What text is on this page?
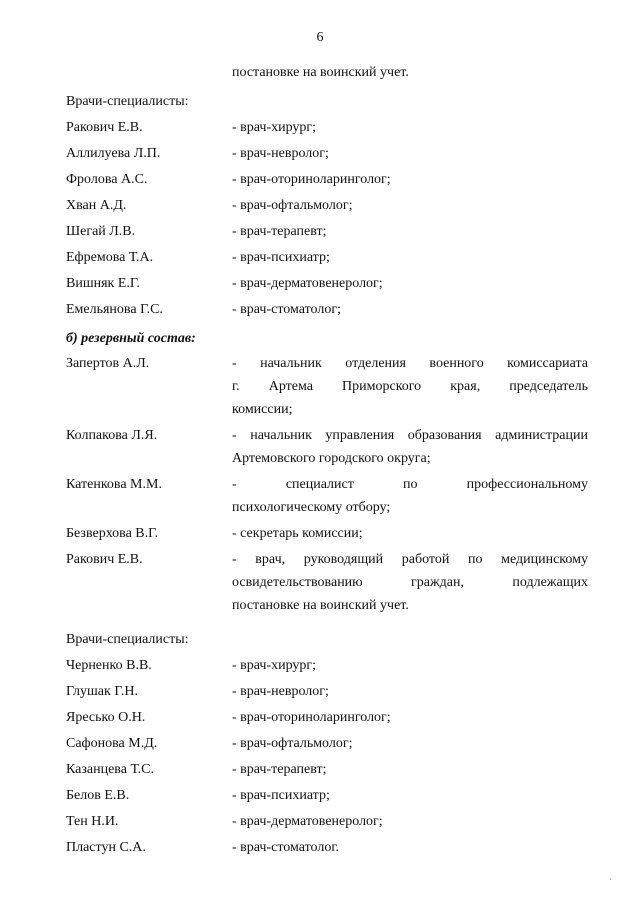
6
постановке на воинский учет.
Врачи-специалисты:
Ракович Е.В.	- врач-хирург;
Аллилуева Л.П.	- врач-невролог;
Фролова А.С.	- врач-оториноларинголог;
Хван А.Д.	- врач-офтальмолог;
Шегай Л.В.	- врач-терапевт;
Ефремова Т.А.	- врач-психиатр;
Вишняк Е.Г.	- врач-дерматовенеролог;
Емельянова Г.С.	- врач-стоматолог;
б) резервный состав:
Запертов А.Л.	- начальник отделения военного комиссариата
г. Артема Приморского края, председатель
комиссии;
Колпакова Л.Я.	- начальник управления образования администрации
Артемовского городского округа;
Катенкова М.М.	- специалист по профессиональному
психологическому отбору;
Безверхова В.Г.	- секретарь комиссии;
Ракович Е.В.	- врач, руководящий работой по медицинскому
освидетельствованию граждан, подлежащих
постановке на воинский учет.
Врачи-специалисты:
Черненко В.В.	- врач-хирург;
Глушак Г.Н.	- врач-невролог;
Яресько О.Н.	- врач-оториноларинголог;
Сафонова М.Д.	- врач-офтальмолог;
Казанцева Т.С.	- врач-терапевт;
Белов Е.В.	- врач-психиатр;
Тен Н.И.	- врач-дерматовенеролог;
Пластун С.А.	- врач-стоматолог.
`
